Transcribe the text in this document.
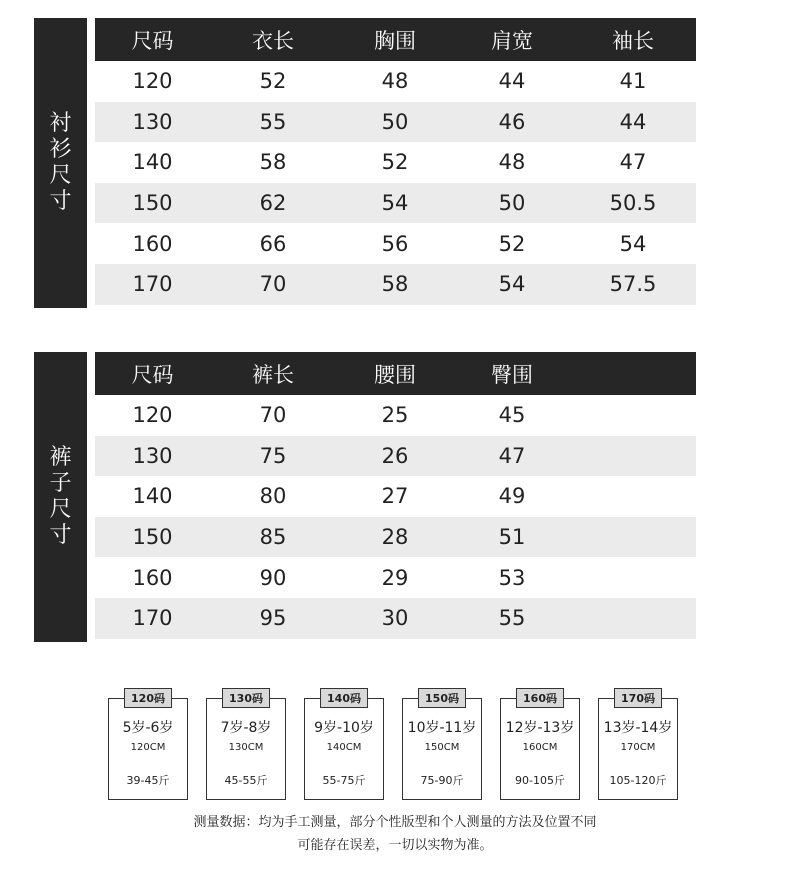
衬
衫
尺
寸
尺码	衣长	胸围	肩宽	袖长
120	52	48	44	41
130	55	50	46	44
140	58	52	48	47
150	62	54	50	50.5
160	66	56	52	54
170	70	58	54	57.5
裤
子
尺
寸
尺码	裤长	腰围	臀围
120	70	25	45
130	75	26	47
140	80	27	49
150	85	28	51
160	90	29	53
170	95	30	55
120码
5岁-6岁
120CM
39-45斤
130码
7岁-8岁
130CM
45-55斤
140码
9岁-10岁
140CM
55-75斤
150码
10岁-11岁
150CM
75-90斤
160码
12岁-13岁
160CM
90-105斤
170码
13岁-14岁
170CM
105-120斤
测量数据：均为手工测量，部分个性版型和个人测量的方法及位置不同
可能存在误差，一切以实物为准。
